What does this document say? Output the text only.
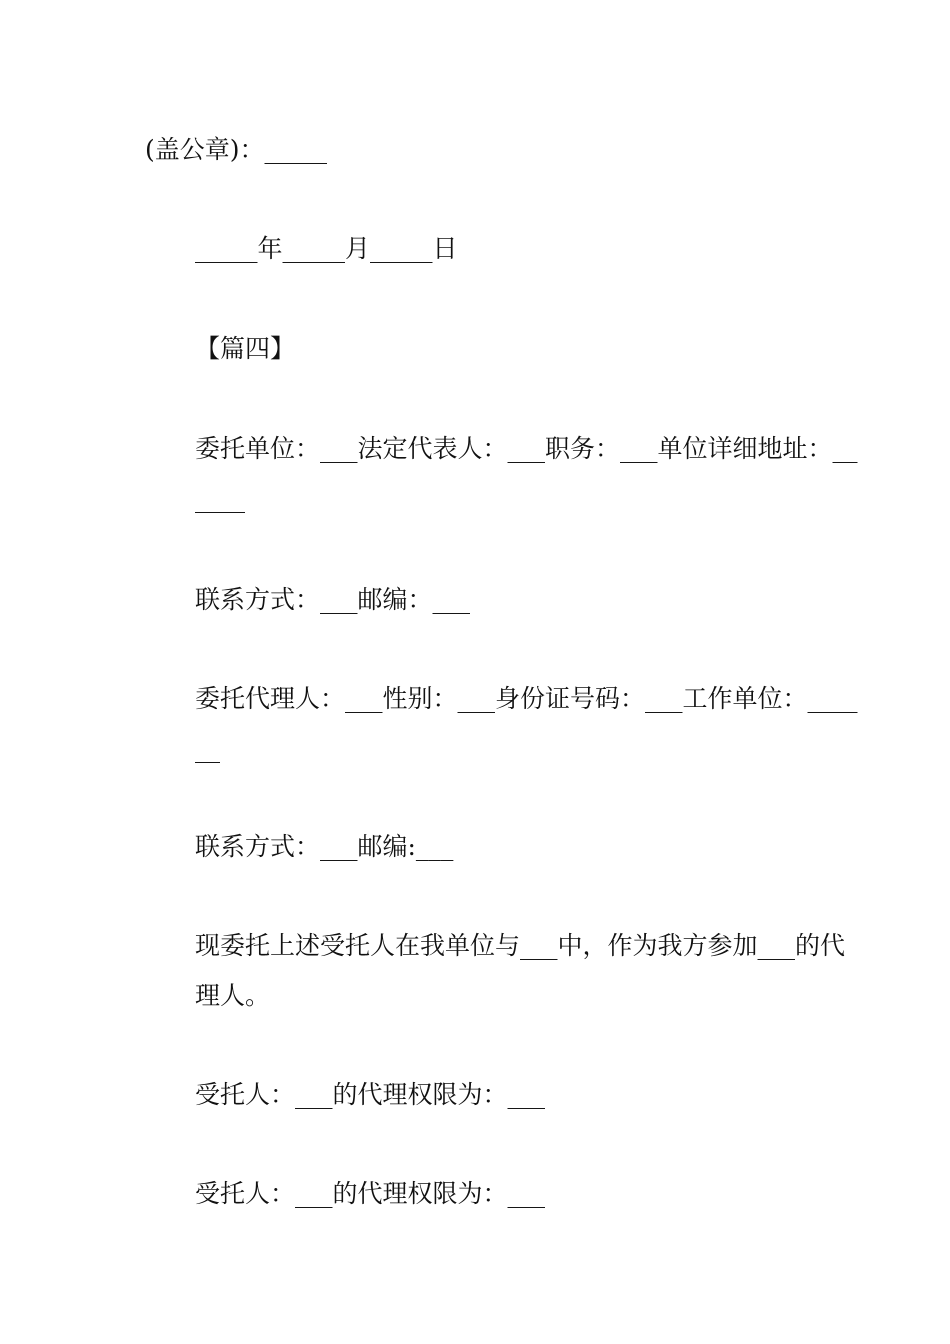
(盖公章)：_____
_____年_____月_____日
【篇四】
委托单位：___法定代表人：___职务：___单位详细地址：______
联系方式：___邮编：___
委托代理人：___性别：___身份证号码：___工作单位：______
联系方式：___邮编:___
现委托上述受托人在我单位与___中，作为我方参加___的代理人。
受托人：___的代理权限为：___
受托人：___的代理权限为：___
